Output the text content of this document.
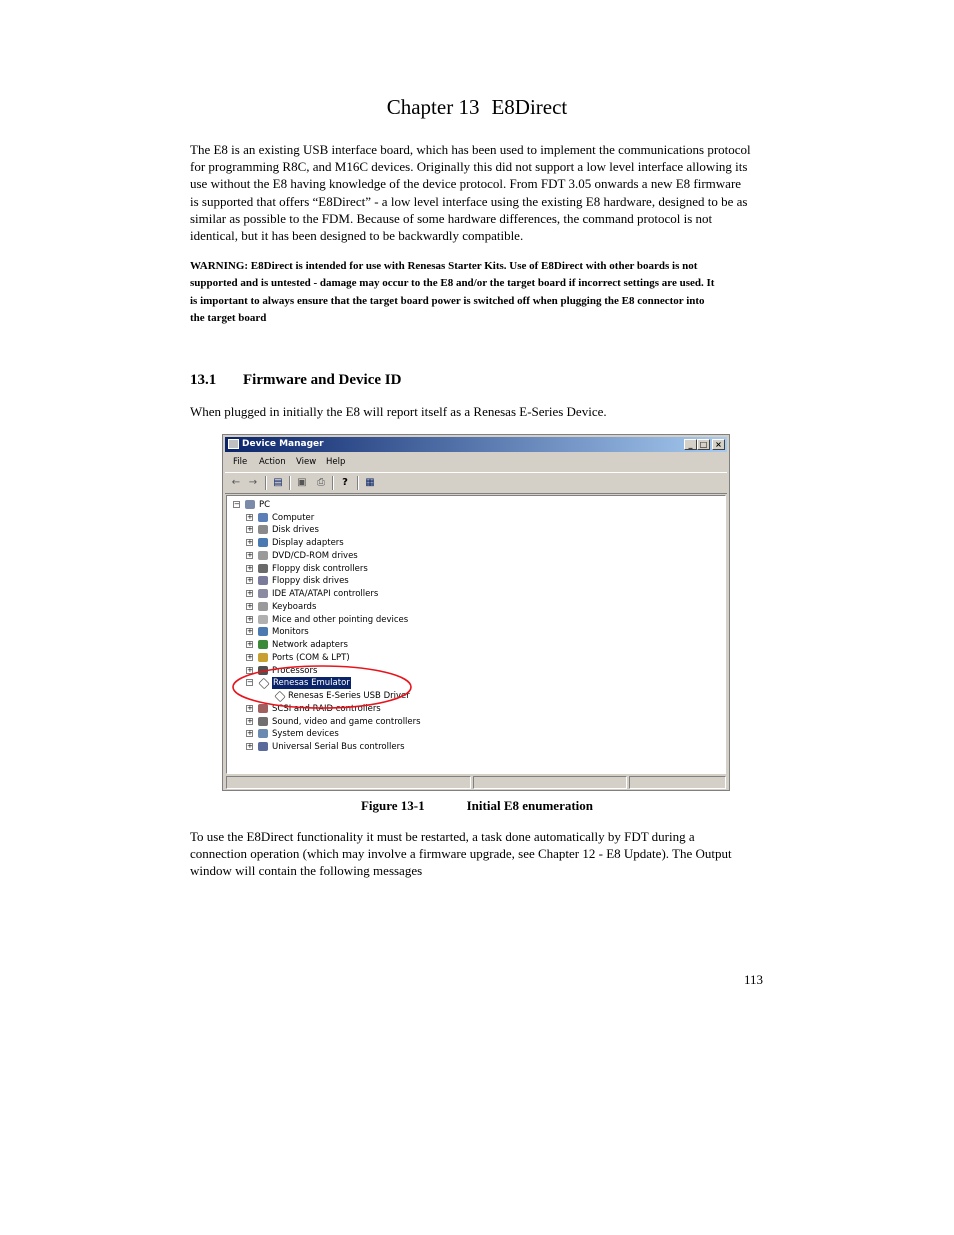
Chapter 13 E8Direct
The E8 is an existing USB interface board, which has been used to implement the communications protocol
for programming R8C, and M16C devices. Originally this did not support a low level interface allowing its
use without the E8 having knowledge of the device protocol. From FDT 3.05 onwards a new E8 firmware
is supported that offers “E8Direct” - a low level interface using the existing E8 hardware, designed to be as
similar as possible to the FDM. Because of some hardware differences, the command protocol is not
identical, but it has been designed to be backwardly compatible.
WARNING: E8Direct is intended for use with Renesas Starter Kits. Use of E8Direct with other boards is not
supported and is untested - damage may occur to the E8 and/or the target board if incorrect settings are used. It
is important to always ensure that the target board power is switched off when plugging the E8 connector into
the target board
13.1 Firmware and Device ID
When plugged in initially the E8 will report itself as a Renesas E-Series Device.
Device Manager	_ □ ×
File Action View Help
← → ▤ ▣ ⎙	?	▦
− PC
+ Computer
+ Disk drives
+ Display adapters
+ DVD/CD-ROM drives
+ Floppy disk controllers
+ Floppy disk drives
+ IDE ATA/ATAPI controllers
+ Keyboards
+ Mice and other pointing devices
+ Monitors
+ Network adapters
+ Ports (COM & LPT)
+ Processors
− Renesas Emulator
Renesas E-Series USB Driver
+ SCSI and RAID controllers
+ Sound, video and game controllers
+ System devices
+ Universal Serial Bus controllers
Figure 13-1	Initial E8 enumeration
To use the E8Direct functionality it must be restarted, a task done automatically by FDT during a
connection operation (which may involve a firmware upgrade, see Chapter 12 - E8 Update). The Output
window will contain the following messages
113
